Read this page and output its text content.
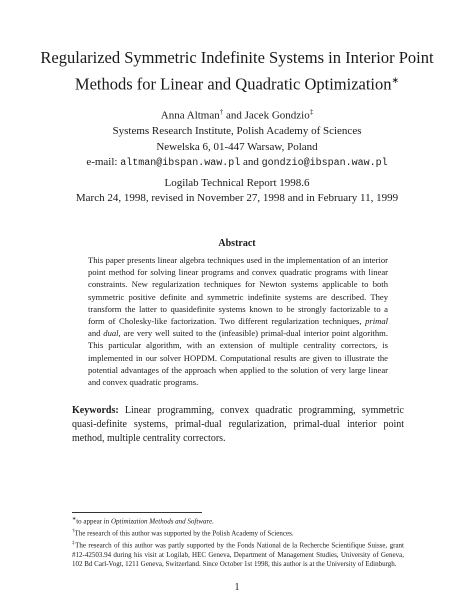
Regularized Symmetric Indefinite Systems in Interior Point
Methods for Linear and Quadratic Optimization∗
Anna Altman† and Jacek Gondzio‡
Systems Research Institute, Polish Academy of Sciences
Newelska 6, 01-447 Warsaw, Poland
e-mail: altman@ibspan.waw.pl and gondzio@ibspan.waw.pl
Logilab Technical Report 1998.6
March 24, 1998, revised in November 27, 1998 and in February 11, 1999
Abstract
This paper presents linear algebra techniques used in the implementation of an interior point method for solving linear programs and convex quadratic programs with linear constraints. New regularization techniques for Newton systems applicable to both symmetric positive definite and symmetric indefinite systems are described. They transform the latter to quasidefinite systems known to be strongly factorizable to a form of Cholesky-like factorization. Two different regularization techniques, primal and dual, are very well suited to the (infeasible) primal-dual interior point algorithm. This particular algorithm, with an extension of multiple centrality correctors, is implemented in our solver HOPDM. Computational results are given to illustrate the potential advantages of the approach when applied to the solution of very large linear and convex quadratic programs.
Keywords: Linear programming, convex quadratic programming, symmetric quasi-definite systems, primal-dual regularization, primal-dual interior point method, multiple centrality correctors.

∗to appear in Optimization Methods and Software.

†The research of this author was supported by the Polish Academy of Sciences.

‡The research of this author was partly supported by the Fonds National de la Recherche Scientifique Suisse, grant #12-42503.94 during his visit at Logilab, HEC Geneva, Department of Management Studies, University of Geneva, 102 Bd Carl-Vogt, 1211 Geneva, Switzerland. Since October 1st 1998, this author is at the University of Edinburgh.

1
